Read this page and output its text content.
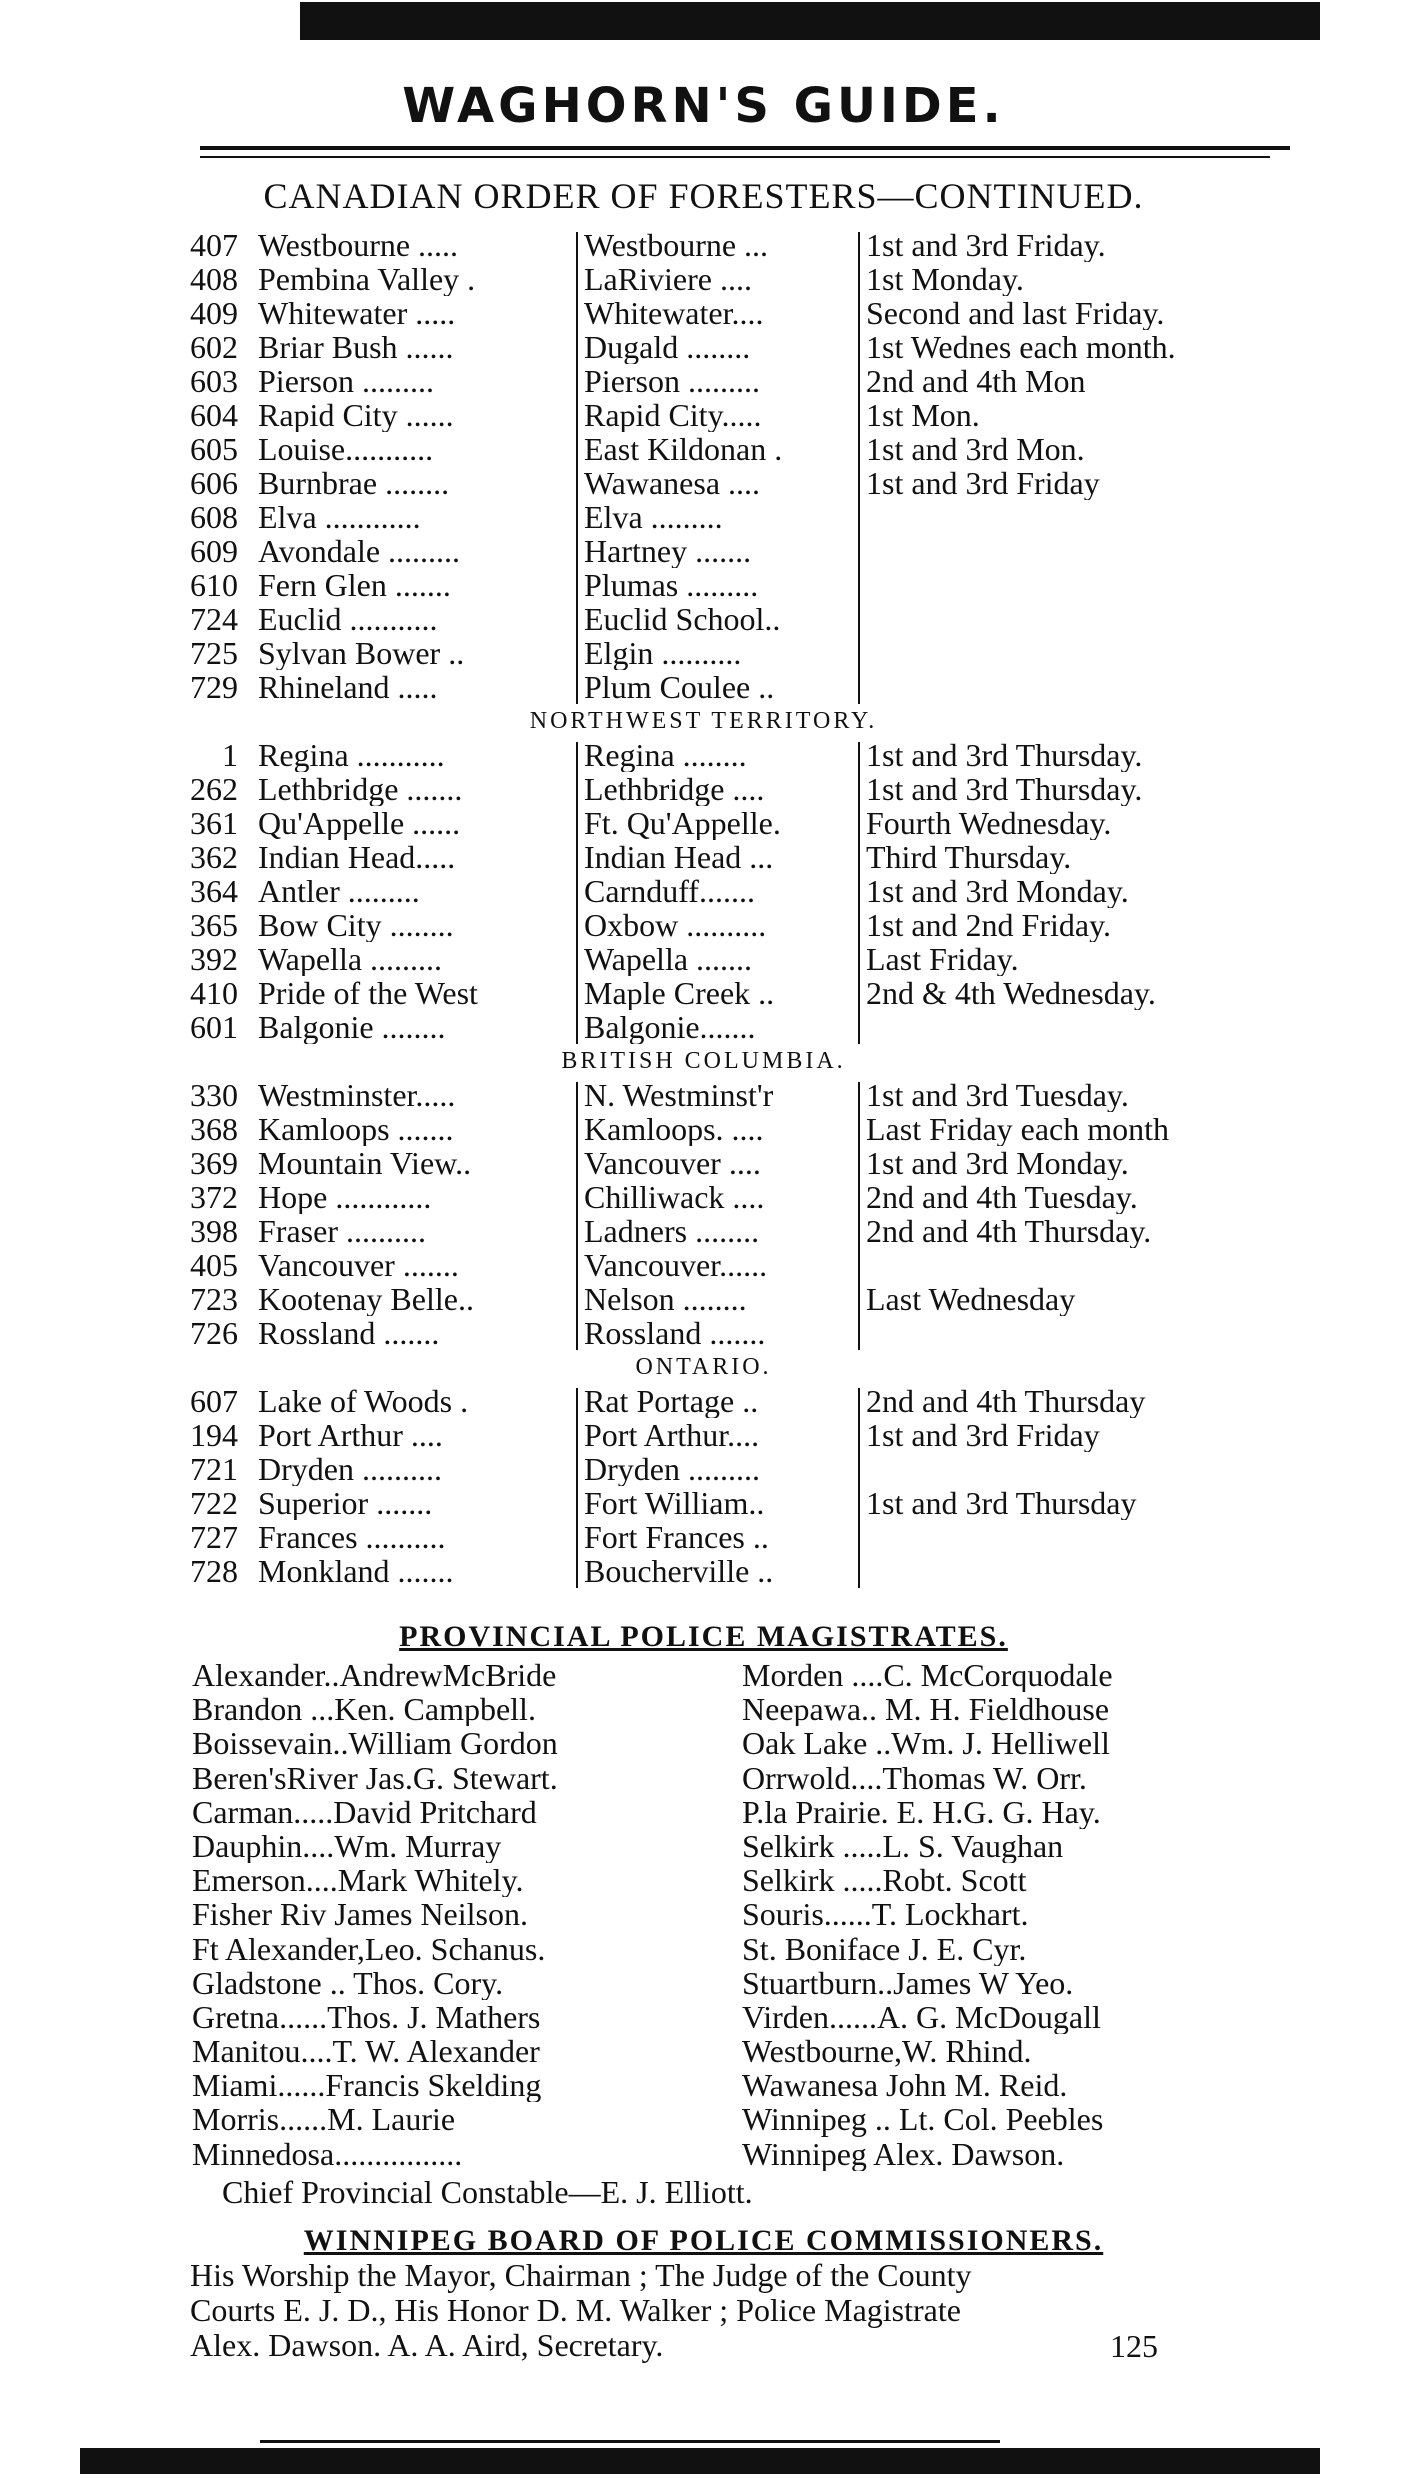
WAGHORN'S GUIDE.
CANADIAN ORDER OF FORESTERS—CONTINUED.
407 Westbourne .....	Westbourne ...	1st and 3rd Friday.
408 Pembina Valley .	LaRiviere ....	1st Monday.
409 Whitewater .....	Whitewater....	Second and last Friday.
602 Briar Bush ......	Dugald ........	1st Wednes each month.
603 Pierson .........	Pierson .........	2nd and 4th Mon
604 Rapid City ......	Rapid City.....	1st Mon.
605 Louise...........	East Kildonan .	1st and 3rd Mon.
606 Burnbrae ........	Wawanesa ....	1st and 3rd Friday
608 Elva ............	Elva .........
609 Avondale .........	Hartney .......
610 Fern Glen .......	Plumas .........
724 Euclid ...........	Euclid School..
725 Sylvan Bower ..	Elgin ..........
729 Rhineland .....	Plum Coulee ..
NORTHWEST TERRITORY.
1 Regina ...........	Regina ........	1st and 3rd Thursday.
262 Lethbridge .......	Lethbridge ....	1st and 3rd Thursday.
361 Qu'Appelle ......	Ft. Qu'Appelle.	Fourth Wednesday.
362 Indian Head.....	Indian Head ...	Third Thursday.
364 Antler .........	Carnduff.......	1st and 3rd Monday.
365 Bow City ........	Oxbow ..........	1st and 2nd Friday.
392 Wapella .........	Wapella .......	Last Friday.
410 Pride of the West	Maple Creek ..	2nd & 4th Wednesday.
601 Balgonie ........	Balgonie.......
BRITISH COLUMBIA.
330 Westminster.....	N. Westminst'r	1st and 3rd Tuesday.
368 Kamloops .......	Kamloops. ....	Last Friday each month
369 Mountain View..	Vancouver ....	1st and 3rd Monday.
372 Hope ............	Chilliwack ....	2nd and 4th Tuesday.
398 Fraser ..........	Ladners ........	2nd and 4th Thursday.
405 Vancouver .......	Vancouver......
723 Kootenay Belle..	Nelson ........	Last Wednesday
726 Rossland .......	Rossland .......
ONTARIO.
607 Lake of Woods .	Rat Portage ..	2nd and 4th Thursday
194 Port Arthur ....	Port Arthur....	1st and 3rd Friday
721 Dryden ..........	Dryden .........
722 Superior .......	Fort William..	1st and 3rd Thursday
727 Frances ..........	Fort Frances ..
728 Monkland .......	Boucherville ..
PROVINCIAL POLICE MAGISTRATES.
Alexander..AndrewMcBride
Brandon ...Ken. Campbell.
Boissevain..William Gordon
Beren'sRiver Jas.G. Stewart.
Carman.....David Pritchard
Dauphin....Wm. Murray
Emerson....Mark Whitely.
Fisher Riv James Neilson.
Ft Alexander,Leo. Schanus.
Gladstone .. Thos. Cory.
Gretna......Thos. J. Mathers
Manitou....T. W. Alexander
Miami......Francis Skelding
Morris......M. Laurie
Minnedosa................
Morden ....C. McCorquodale
Neepawa.. M. H. Fieldhouse
Oak Lake ..Wm. J. Helliwell
Orrwold....Thomas W. Orr.
P.la Prairie. E. H.G. G. Hay.
Selkirk .....L. S. Vaughan
Selkirk .....Robt. Scott
Souris......T. Lockhart.
St. Boniface J. E. Cyr.
Stuartburn..James W Yeo.
Virden......A. G. McDougall
Westbourne,W. Rhind.
Wawanesa John M. Reid.
Winnipeg .. Lt. Col. Peebles
Winnipeg Alex. Dawson.
Chief Provincial Constable—E. J. Elliott.
WINNIPEG BOARD OF POLICE COMMISSIONERS.
His Worship the Mayor, Chairman ; The Judge of the County
Courts E. J. D., His Honor D. M. Walker ; Police Magistrate
Alex. Dawson. A. A. Aird, Secretary.	125
